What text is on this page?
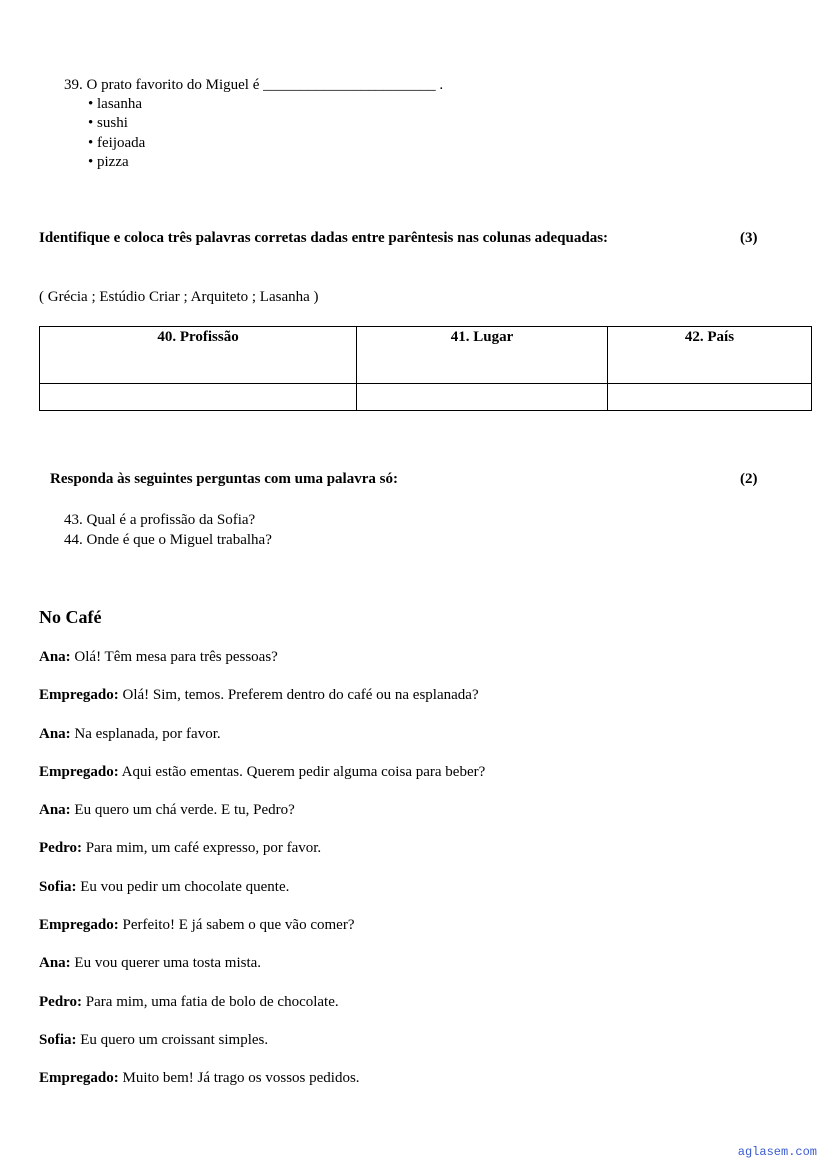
39. O prato favorito do Miguel é _______________________ .
• lasanha
• sushi
• feijoada
• pizza
Identifique e coloca três palavras corretas dadas entre parêntesis nas colunas adequadas:	(3)
( Grécia ; Estúdio Criar ; Arquiteto ; Lasanha )
40. Profissão	41. Lugar	42. País

Responda às seguintes perguntas com uma palavra só:	(2)
43. Qual é a profissão da Sofia?
44. Onde é que o Miguel trabalha?
No Café
Ana: Olá! Têm mesa para três pessoas?
Empregado: Olá! Sim, temos. Preferem dentro do café ou na esplanada?
Ana: Na esplanada, por favor.
Empregado: Aqui estão ementas. Querem pedir alguma coisa para beber?
Ana: Eu quero um chá verde. E tu, Pedro?
Pedro: Para mim, um café expresso, por favor.
Sofia: Eu vou pedir um chocolate quente.
Empregado: Perfeito! E já sabem o que vão comer?
Ana: Eu vou querer uma tosta mista.
Pedro: Para mim, uma fatia de bolo de chocolate.
Sofia: Eu quero um croissant simples.
Empregado: Muito bem! Já trago os vossos pedidos.
aglasem.com
